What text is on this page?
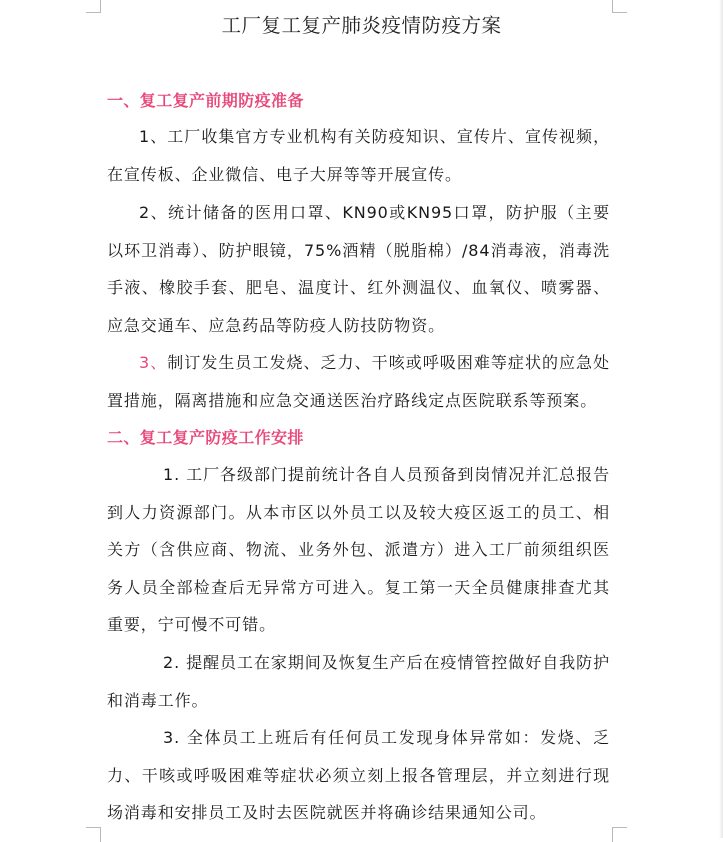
工厂复工复产肺炎疫情防疫方案
一、复工复产前期防疫准备
1、工厂收集官方专业机构有关防疫知识、宣传片、宣传视频，在宣传板、企业微信、电子大屏等等开展宣传。
2、统计储备的医用口罩、KN90或KN95口罩，防护服（主要以环卫消毒）、防护眼镜，75%酒精（脱脂棉）/84消毒液，消毒洗手液、橡胶手套、肥皂、温度计、红外测温仪、血氧仪、喷雾器、应急交通车、应急药品等防疫人防技防物资。
3、制订发生员工发烧、乏力、干咳或呼吸困难等症状的应急处置措施，隔离措施和应急交通送医治疗路线定点医院联系等预案。
二、复工复产防疫工作安排
1. 工厂各级部门提前统计各自人员预备到岗情况并汇总报告到人力资源部门。从本市区以外员工以及较大疫区返工的员工、相关方（含供应商、物流、业务外包、派遣方）进入工厂前须组织医务人员全部检查后无异常方可进入。复工第一天全员健康排查尤其重要，宁可慢不可错。
2. 提醒员工在家期间及恢复生产后在疫情管控做好自我防护和消毒工作。
3. 全体员工上班后有任何员工发现身体异常如：发烧、乏力、干咳或呼吸困难等症状必须立刻上报各管理层，并立刻进行现场消毒和安排员工及时去医院就医并将确诊结果通知公司。
